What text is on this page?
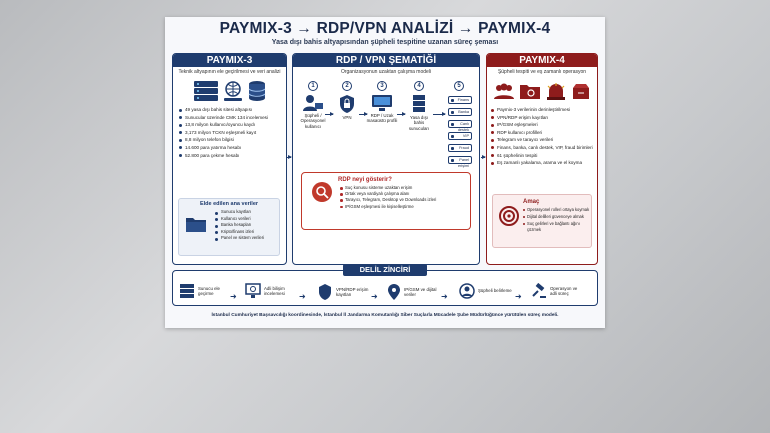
PAYMIX-3 → RDP/VPN ANALİZİ → PAYMIX-4
Yasa dışı bahis altyapısından şüpheli tespitine uzanan süreç şeması
PAYMIX-3
Teknik altyapının ele geçirilmesi ve veri analizi
49 yasa dışı bahis sitesi altyapısı
Sunucular üzerinde CMK 134 incelemesi
13,8 milyon kullanıcı/oyuncu kaydı
3,173 milyon TCKN eşleşmeli kayıt
8,8 milyon telefon bilgisi
14.600 para yatırma hesabı
52.800 para çekme hesabı
Elde edilen ana veriler
Sunucu kayıtları
Kullanıcı verileri
Banka hesapları
Kripto/finans izleri
Panel ve sistem verileri
RDP / VPN ŞEMATİĞİ
Organizasyonun uzaktan çalışma modeli
1
Şüpheli / Operasyonel kullanıcı
2
VPN
3
RDP / Uzak masaüstü profili
4
Yasa dışı bahis sunucuları
5
Finans
Banka
Canlı destek
VIP
Fraud
Panel erişimi
RDP neyi gösterir?
Suç konusu sisteme uzaktan erişim
Ortak veya vardiyalı çalışma alanı
Tarayıcı, Telegram, Desktop ve Downloads izleri
IP/GSM eşleşmesi ile kişiselleştirme
PAYMIX-4
Şüpheli tespiti ve eş zamanlı operasyon
Paymix-3 verilerinin derinleştirilmesi
VPN/RDP erişim kayıtları
IP/GSM eşleşmeleri
RDP kullanıcı profilleri
Telegram ve tarayıcı verileri
Finans, banka, canlı destek, VIP, fraud birimleri
61 şüphelinin tespiti
Eş zamanlı yakalama, arama ve el koyma
Amaç
Operasyonel rolleri ortaya koymak
Dijital delilleri güvenceye almak
Suç gelirleri ve bağlantı ağını çözmek
DELİL ZİNCİRİ
Sunucu ele geçirme	➜
Adli bilişim incelemesi	➜
VPN/RDP erişim kayıtları	➜
IP/GSM ve dijital veriler	➜
Şüpheli belirleme
➜
Operasyon ve adli süreç
İstanbul Cumhuriyet Başsavcılığı koordinesinde, İstanbul İl Jandarma Komutanlığı Siber Suçlarla Mücadele Şube Müdürlüğünce yürütülen süreç modeli.
